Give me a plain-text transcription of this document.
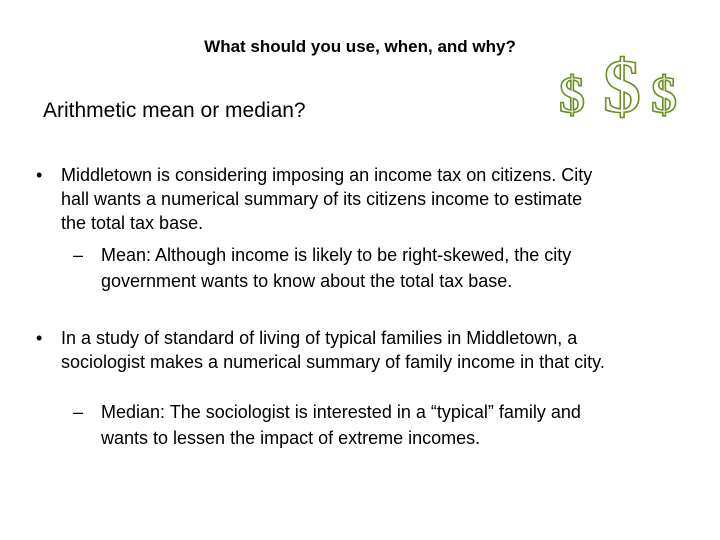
What should you use, when, and why?
Arithmetic mean or median?	$ $ $
• Middletown is considering imposing an income tax on citizens. City
hall wants a numerical summary of its citizens income to estimate
the total tax base.
– Mean: Although income is likely to be right-skewed, the city
government wants to know about the total tax base.
• In a study of standard of living of typical families in Middletown, a
sociologist makes a numerical summary of family income in that city.
– Median: The sociologist is interested in a “typical” family and
wants to lessen the impact of extreme incomes.
